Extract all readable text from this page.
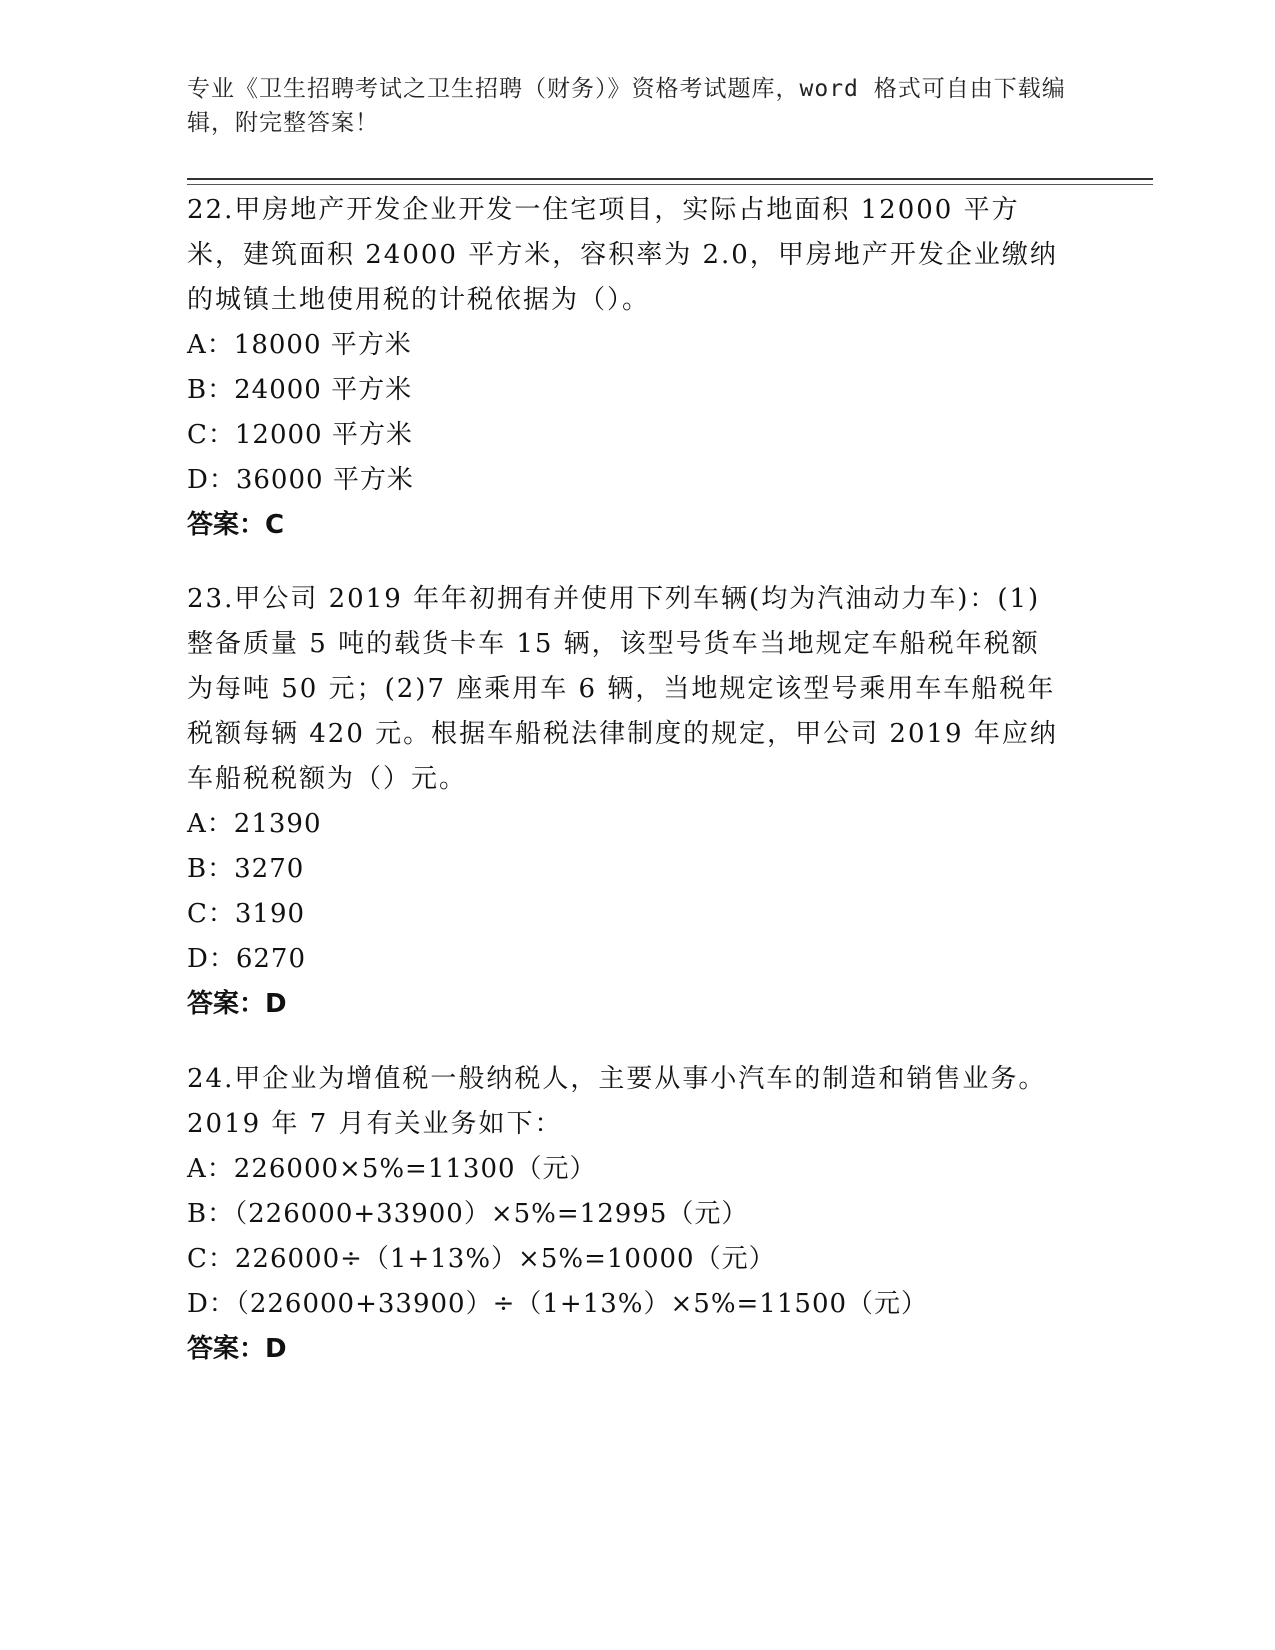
专业《卫生招聘考试之卫生招聘（财务）》资格考试题库，word 格式可自由下载编辑，附完整答案！

22.甲房地产开发企业开发一住宅项目，实际占地面积 12000 平方米，建筑面积 24000 平方米，容积率为 2.0，甲房地产开发企业缴纳的城镇土地使用税的计税依据为（）。

A：18000 平方米

B：24000 平方米

C：12000 平方米

D：36000 平方米

答案：C

23.甲公司 2019 年年初拥有并使用下列车辆(均为汽油动力车)：(1)整备质量 5 吨的载货卡车 15 辆，该型号货车当地规定车船税年税额为每吨 50 元；(2)7 座乘用车 6 辆，当地规定该型号乘用车车船税年税额每辆 420 元。根据车船税法律制度的规定，甲公司 2019 年应纳车船税税额为（）元。

A：21390

B：3270

C：3190

D：6270

答案：D

24.甲企业为增值税一般纳税人，主要从事小汽车的制造和销售业务。2019 年 7 月有关业务如下：

A：226000×5%=11300（元）

B：（226000+33900）×5%=12995（元）

C：226000÷（1+13%）×5%=10000（元）

D：（226000+33900）÷（1+13%）×5%=11500（元）

答案：D
